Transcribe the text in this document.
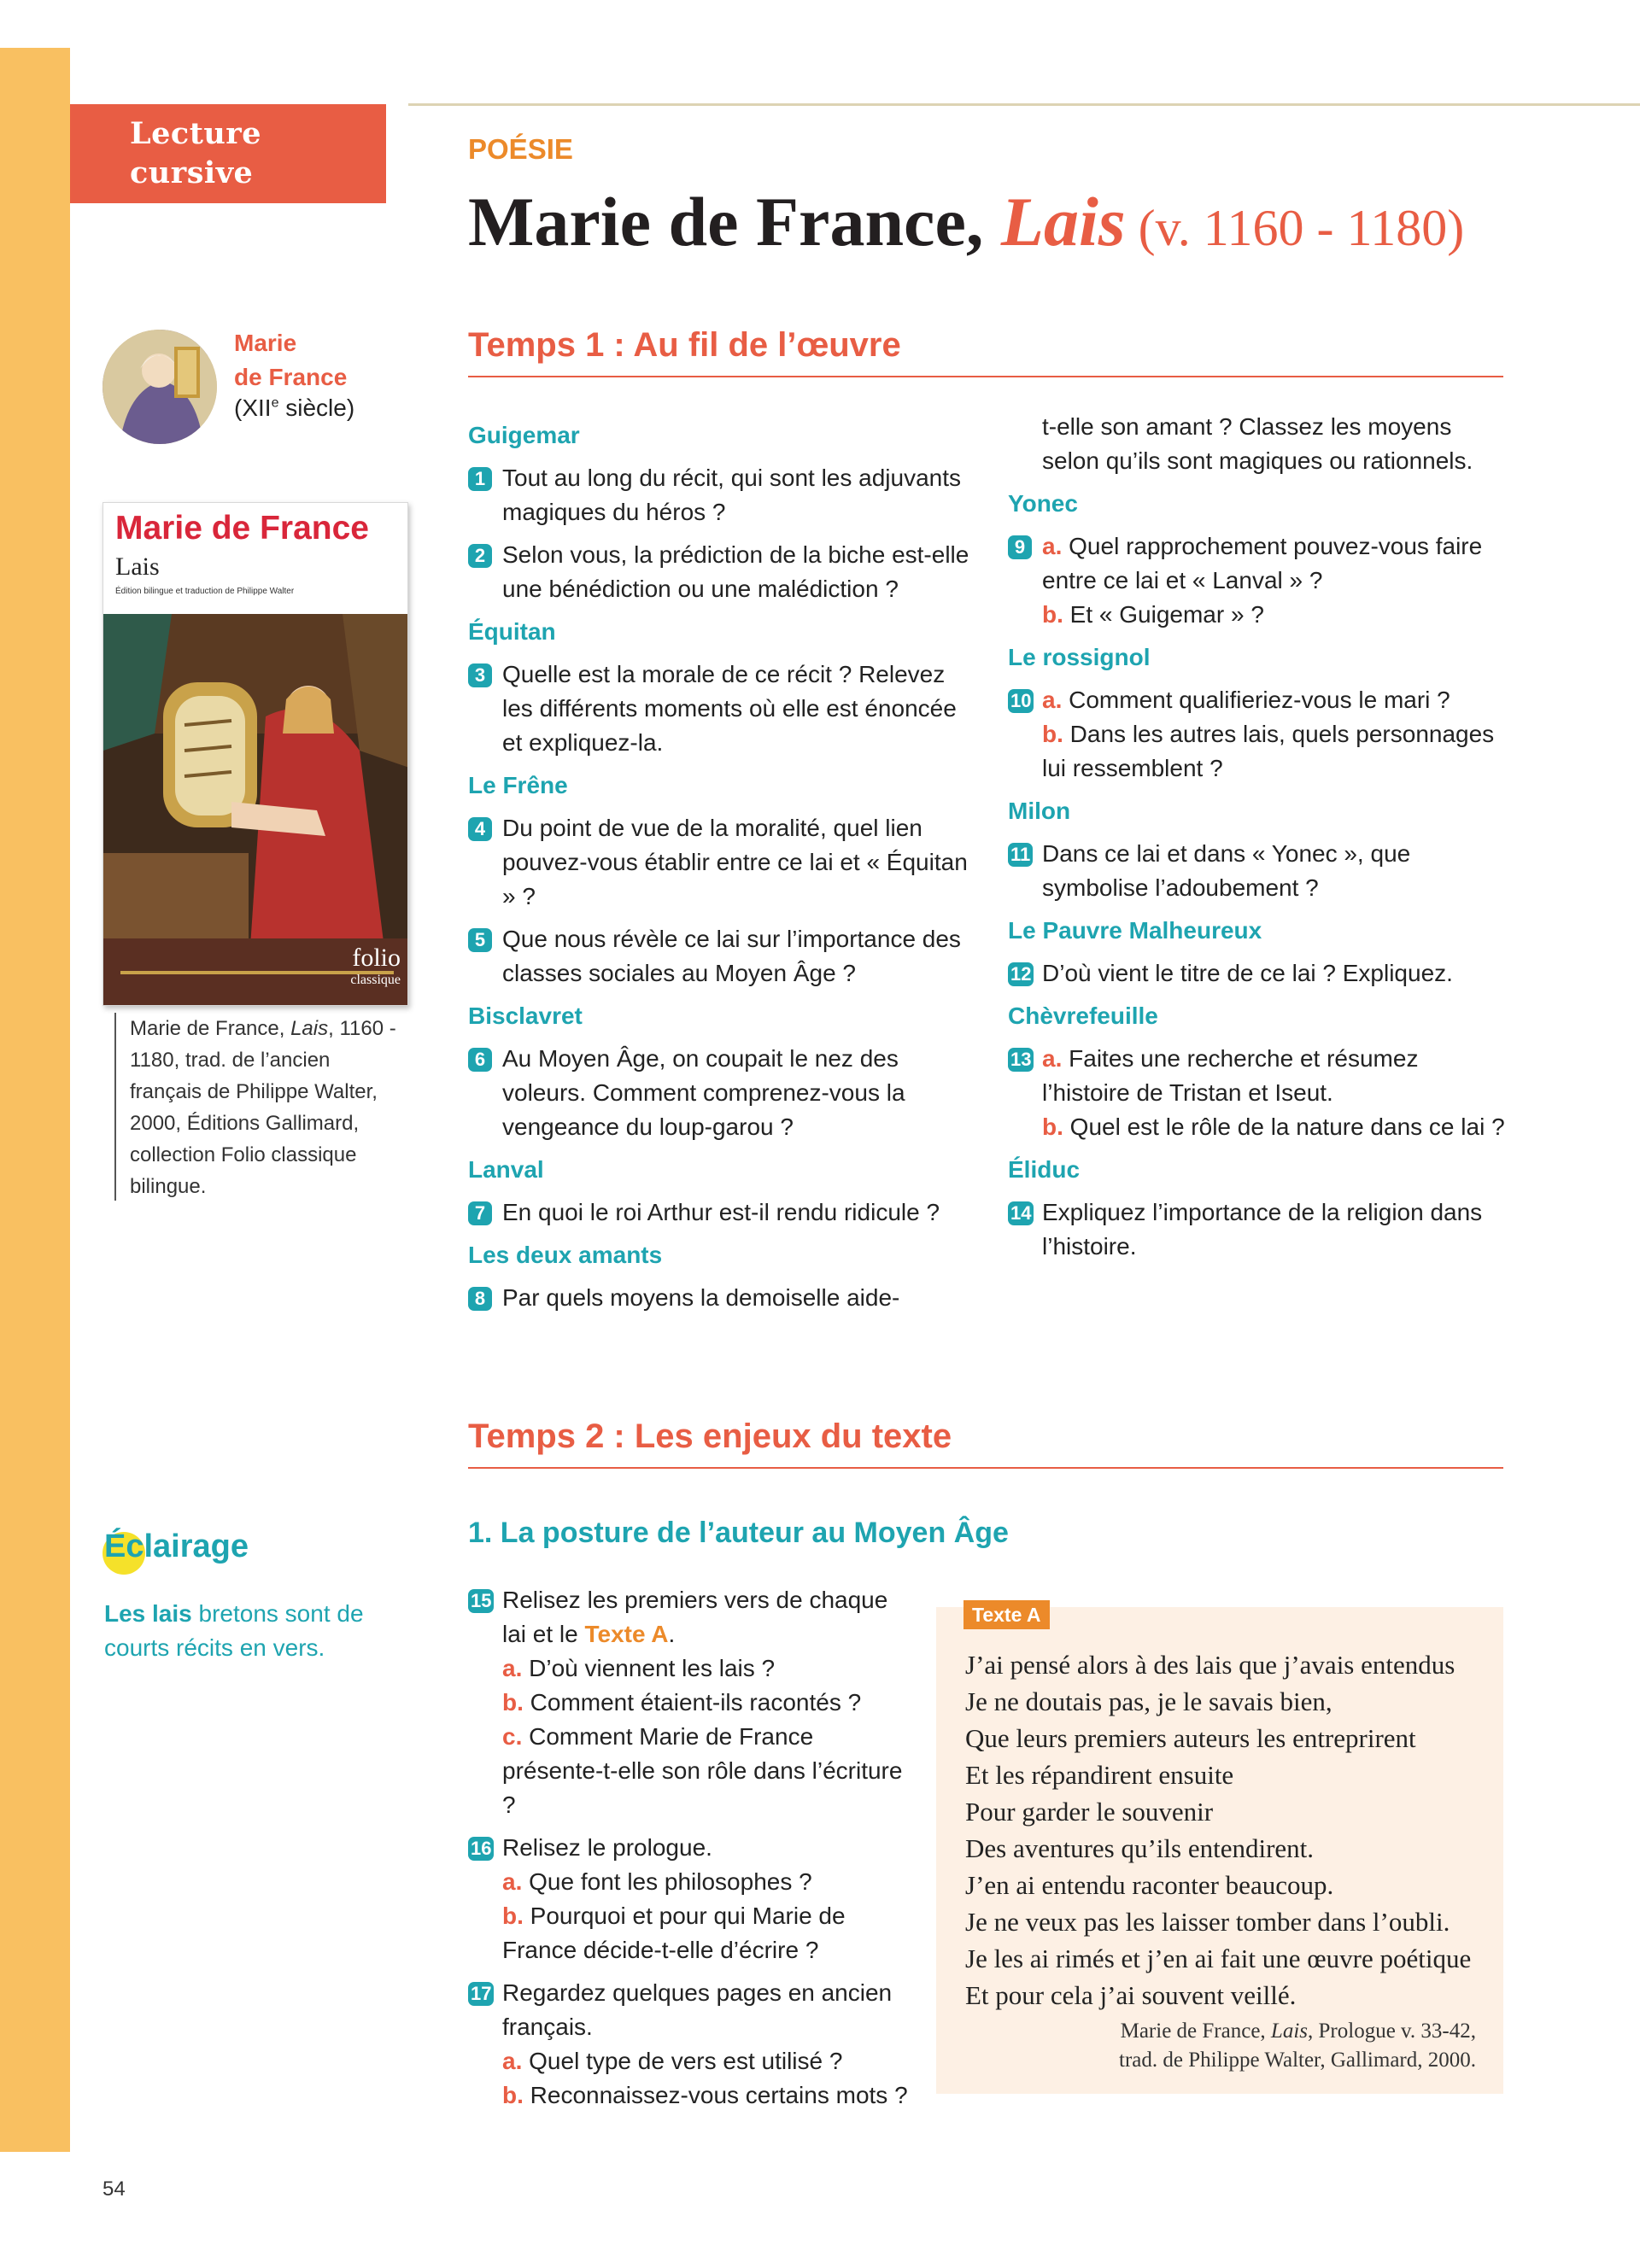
Lecture
cursive
POÉSIE
Marie de France, Lais (v. 1160 - 1180)
Marie
de France
(XIIe siècle)
Marie de France
Lais
Édition bilingue et traduction de Philippe Walter
folio
classique
Marie de France, Lais, 1160 - 1180, trad. de l’ancien français de Philippe Walter, 2000, Éditions Gallimard, collection Folio classique bilingue.
Temps 1 : Au fil de l’œuvre
Guigemar
1 Tout au long du récit, qui sont les adjuvants magiques du héros ?
2 Selon vous, la prédiction de la biche est-elle une bénédiction ou une malédiction ?
Équitan
3 Quelle est la morale de ce récit ? Relevez les différents moments où elle est énoncée et expliquez-la.
Le Frêne
4 Du point de vue de la moralité, quel lien pouvez-vous établir entre ce lai et « Équitan » ?
5 Que nous révèle ce lai sur l’importance des classes sociales au Moyen Âge ?
Bisclavret
6 Au Moyen Âge, on coupait le nez des voleurs. Comment comprenez-vous la vengeance du loup-garou ?
Lanval
7 En quoi le roi Arthur est-il rendu ridicule ?
Les deux amants
8 Par quels moyens la demoiselle aide-
t-elle son amant ? Classez les moyens selon qu’ils sont magiques ou rationnels.
Yonec
9 a. Quel rapprochement pouvez-vous faire entre ce lai et « Lanval » ?
b. Et « Guigemar » ?
Le rossignol
10 a. Comment qualifieriez-vous le mari ?
b. Dans les autres lais, quels personnages lui ressemblent ?
Milon
11 Dans ce lai et dans « Yonec », que symbolise l’adoubement ?
Le Pauvre Malheureux
12 D’où vient le titre de ce lai ? Expliquez.
Chèvrefeuille
13 a. Faites une recherche et résumez l’histoire de Tristan et Iseut.
b. Quel est le rôle de la nature dans ce lai ?
Éliduc
14 Expliquez l’importance de la religion dans l’histoire.
Temps 2 : Les enjeux du texte
1. La posture de l’auteur au Moyen Âge
15 Relisez les premiers vers de chaque lai et le Texte A.
a. D’où viennent les lais ?
b. Comment étaient-ils racontés ?
c. Comment Marie de France présente-t-elle son rôle dans l’écriture ?
16 Relisez le prologue.
a. Que font les philosophes ?
b. Pourquoi et pour qui Marie de France décide-t-elle d’écrire ?
17 Regardez quelques pages en ancien français.
a. Quel type de vers est utilisé ?
b. Reconnaissez-vous certains mots ?
Éclairage
Les lais bretons sont de courts récits en vers.
Texte A
J’ai pensé alors à des lais que j’avais entendus
Je ne doutais pas, je le savais bien,
Que leurs premiers auteurs les entreprirent
Et les répandirent ensuite
Pour garder le souvenir
Des aventures qu’ils entendirent.
J’en ai entendu raconter beaucoup.
Je ne veux pas les laisser tomber dans l’oubli.
Je les ai rimés et j’en ai fait une œuvre poétique
Et pour cela j’ai souvent veillé.
Marie de France, Lais, Prologue v. 33-42,
trad. de Philippe Walter, Gallimard, 2000.
54
